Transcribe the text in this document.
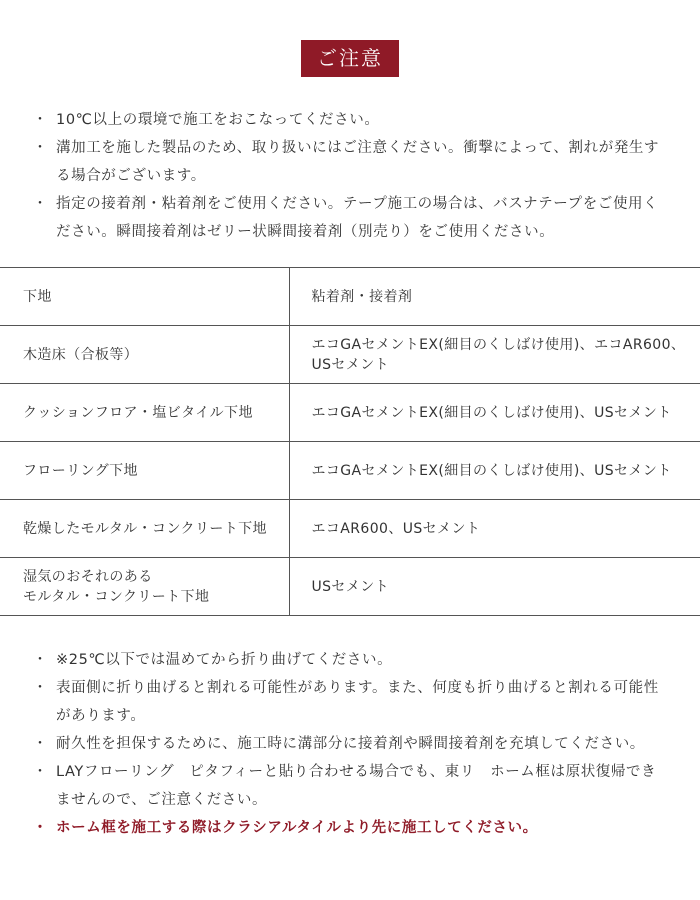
ご注意
・ 10℃以上の環境で施工をおこなってください。
・ 溝加工を施した製品のため、取り扱いにはご注意ください。衝撃によって、割れが発生する場合がございます。
・ 指定の接着剤・粘着剤をご使用ください。テープ施工の場合は、バスナテープをご使用ください。瞬間接着剤はゼリー状瞬間接着剤（別売り）をご使用ください。
下地	粘着剤・接着剤
木造床（合板等）	エコGAセメントEX(細目のくしばけ使用)、エコAR600、USセメント
クッションフロア・塩ビタイル下地	エコGAセメントEX(細目のくしばけ使用)、USセメント
フローリング下地	エコGAセメントEX(細目のくしばけ使用)、USセメント
乾燥したモルタル・コンクリート下地	エコAR600、USセメント
湿気のおそれのある
モルタル・コンクリート下地	USセメント
・ ※25℃以下では温めてから折り曲げてください。
・ 表面側に折り曲げると割れる可能性があります。また、何度も折り曲げると割れる可能性があります。
・ 耐久性を担保するために、施工時に溝部分に接着剤や瞬間接着剤を充填してください。
・ LAYフローリング　ピタフィーと貼り合わせる場合でも、東リ　ホーム框は原状復帰できませんので、ご注意ください。
・ ホーム框を施工する際はクラシアルタイルより先に施工してください。
